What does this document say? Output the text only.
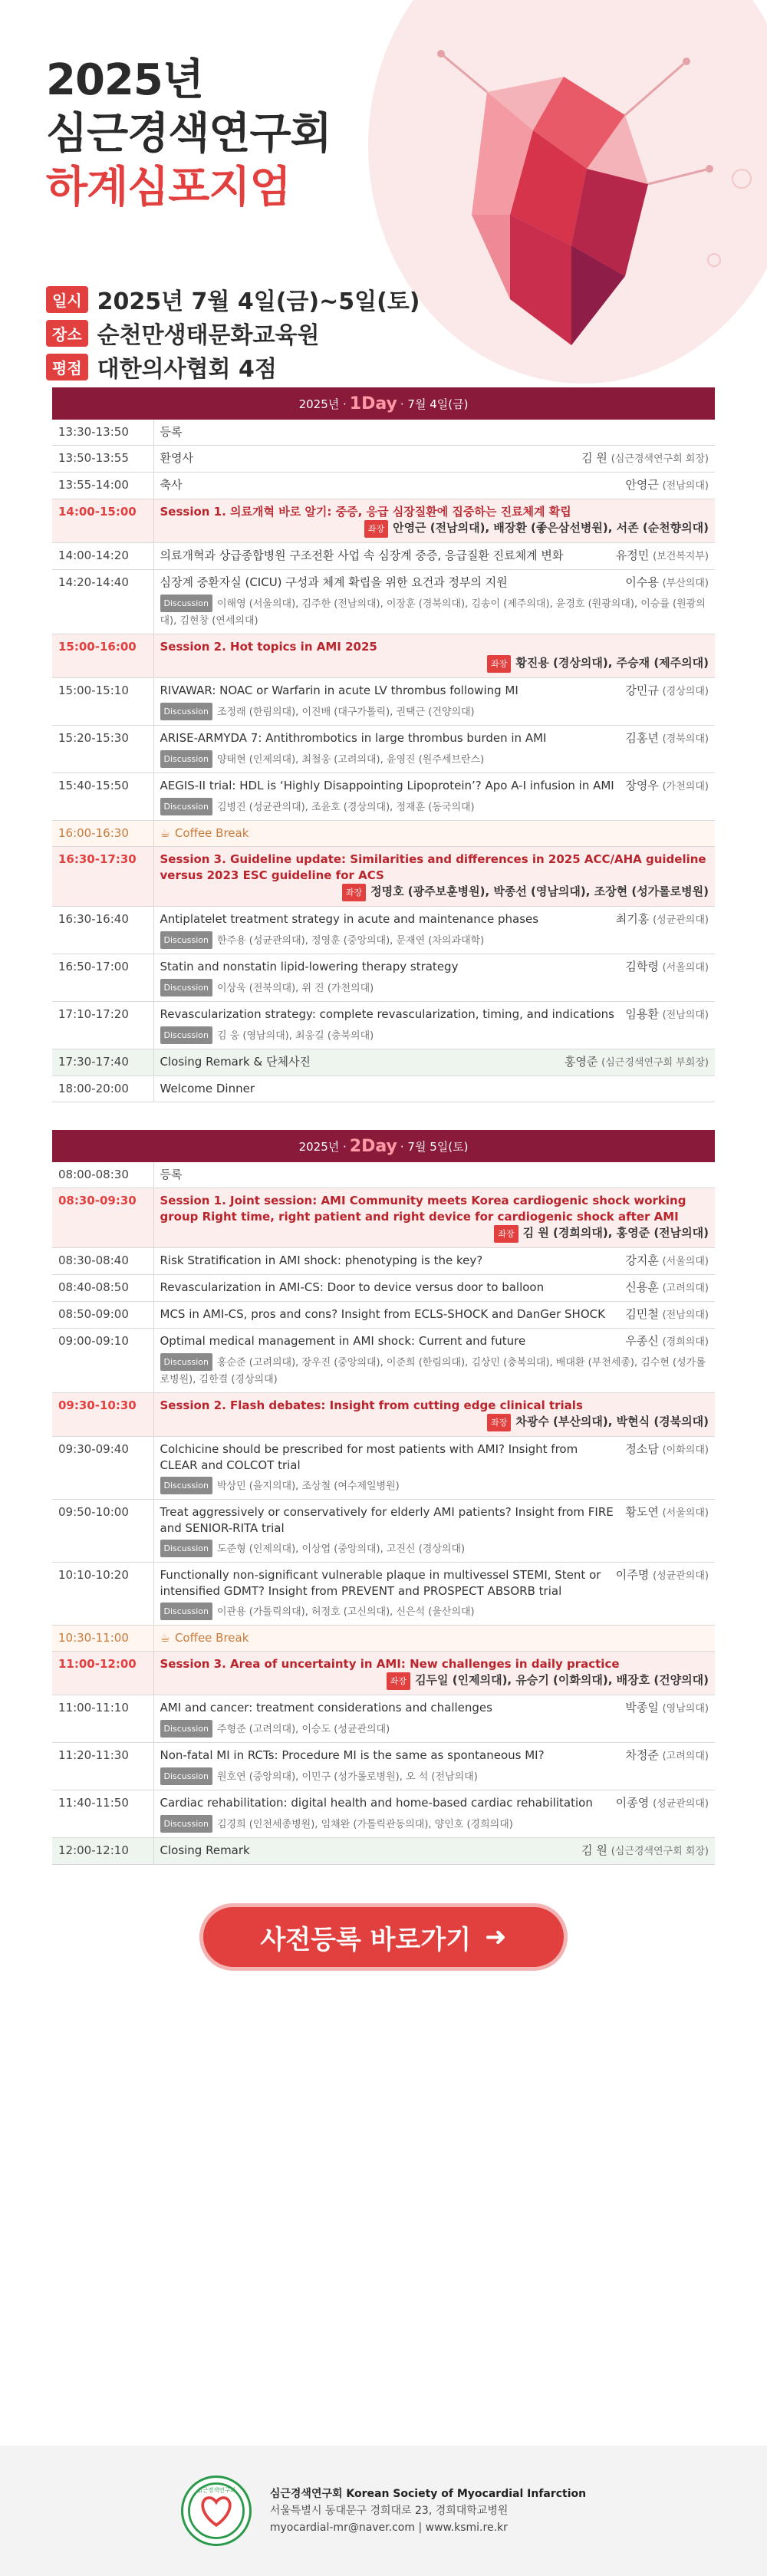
2025년
심근경색연구회
하계심포지엄
일시 2025년 7월 4일(금)~5일(토)
장소 순천만생태문화교육원
평점 대한의사협회 4점
2025년 · 1Day · 7월 4일(금)
13:30-13:50	등록

13:50-13:55	환영사 김 원 (심근경색연구회 회장)

13:55-14:00	축사 안영근 (전남의대)

14:00-15:00	Session 1. 의료개혁 바로 알기: 중증, 응급 심장질환에 집중하는 진료체계 확립
좌장 안영근 (전남의대), 배장환 (좋은삼선병원), 서존 (순천향의대)

14:00-14:20	의료개혁과 상급종합병원 구조전환 사업 속 심장계 중증, 응급질환 진료체계 변화 유정민 (보건복지부)

14:20-14:40	심장계 중환자실 (CICU) 구성과 체계 확립을 위한 요건과 정부의 지원 이수용 (부산의대)
Discussion 이해영 (서울의대), 김주한 (전남의대), 이장훈 (경북의대), 김송이 (제주의대), 윤경호 (원광의대), 이승률 (원광의대), 김현창 (연세의대)

15:00-16:00	Session 2. Hot topics in AMI 2025
좌장 황진용 (경상의대), 주승재 (제주의대)

15:00-15:10	RIVAWAR: NOAC or Warfarin in acute LV thrombus following MI 강민규 (경상의대)
Discussion 조정래 (한림의대), 이진배 (대구가톨릭), 권택근 (건양의대)

15:20-15:30	ARISE-ARMYDA 7: Antithrombotics in large thrombus burden in AMI 김홍년 (경북의대)
Discussion 양태현 (인제의대), 최철웅 (고려의대), 윤영진 (원주세브란스)

15:40-15:50	AEGIS-II trial: HDL is ‘Highly Disappointing Lipoprotein’? Apo A-I infusion in AMI 장영우 (가천의대)
Discussion 김병진 (성균관의대), 조윤호 (경상의대), 정재훈 (동국의대)

16:00-16:30	☕ Coffee Break

16:30-17:30	Session 3. Guideline update: Similarities and differences in 2025 ACC/AHA guideline versus 2023 ESC guideline for ACS
좌장 정명호 (광주보훈병원), 박종선 (영남의대), 조장현 (성가롤로병원)

16:30-16:40	Antiplatelet treatment strategy in acute and maintenance phases 최기홍 (성균관의대)
Discussion 한주용 (성균관의대), 정영훈 (중앙의대), 문재연 (차의과대학)

16:50-17:00	Statin and nonstatin lipid-lowering therapy strategy 김학령 (서울의대)
Discussion 이상욱 (전북의대), 위 진 (가천의대)

17:10-17:20	Revascularization strategy: complete revascularization, timing, and indications 임용환 (전남의대)
Discussion 김 웅 (영남의대), 최웅길 (충북의대)

17:30-17:40	Closing Remark & 단체사진 홍영준 (심근경색연구회 부회장)

18:00-20:00	Welcome Dinner
2025년 · 2Day · 7월 5일(토)
08:00-08:30	등록

08:30-09:30	Session 1. Joint session: AMI Community meets Korea cardiogenic shock working group Right time, right patient and right device for cardiogenic shock after AMI
좌장 김 원 (경희의대), 홍영준 (전남의대)

08:30-08:40	Risk Stratification in AMI shock: phenotyping is the key? 강지훈 (서울의대)

08:40-08:50	Revascularization in AMI-CS: Door to device versus door to balloon 신용훈 (고려의대)

08:50-09:00	MCS in AMI-CS, pros and cons? Insight from ECLS-SHOCK and DanGer SHOCK 김민철 (전남의대)

09:00-09:10	Optimal medical management in AMI shock: Current and future 우종신 (경희의대)
Discussion 홍순준 (고려의대), 장우진 (중앙의대), 이준희 (한림의대), 김상민 (충북의대), 배대환 (부천세종), 김수현 (성가롤로병원), 김한결 (경상의대)

09:30-10:30	Session 2. Flash debates: Insight from cutting edge clinical trials
좌장 차광수 (부산의대), 박현식 (경북의대)

09:30-09:40	Colchicine should be prescribed for most patients with AMI? Insight from CLEAR and COLCOT trial
정소담 (이화의대)
Discussion 박상민 (을지의대), 조상철 (여수제일병원)

09:50-10:00	Treat aggressively or conservatively for elderly AMI patients? Insight from FIRE and SENIOR-RITA trial
황도연 (서울의대)
Discussion 도준형 (인제의대), 이상엽 (중앙의대), 고진신 (경상의대)

10:10-10:20	Functionally non-significant vulnerable plaque in multivessel STEMI, Stent or intensified GDMT? Insight from PREVENT and PROSPECT ABSORB trial
이주명 (성균관의대)
Discussion 이관용 (가톨릭의대), 허정호 (고신의대), 신은석 (울산의대)

10:30-11:00	☕ Coffee Break

11:00-12:00	Session 3. Area of uncertainty in AMI: New challenges in daily practice
좌장 김두일 (인제의대), 유승기 (이화의대), 배장호 (건양의대)

11:00-11:10	AMI and cancer: treatment considerations and challenges 박종일 (영남의대)
Discussion 주형준 (고려의대), 이승도 (성균관의대)

11:20-11:30	Non-fatal MI in RCTs: Procedure MI is the same as spontaneous MI? 차정준 (고려의대)
Discussion 원호연 (중앙의대), 이민구 (성가롤로병원), 오 석 (전남의대)

11:40-11:50	Cardiac rehabilitation: digital health and home-based cardiac rehabilitation 이종영 (성균관의대)
Discussion 김경희 (인천세종병원), 임채완 (가톨릭관동의대), 양인호 (경희의대)

12:00-12:10	Closing Remark 김 원 (심근경색연구회 회장)
사전등록 바로가기 ➜
심근경색연구회	심근경색연구회 Korean Society of Myocardial Infarction
서울특별시 동대문구 경희대로 23, 경희대학교병원
myocardial-mr@naver.com | www.ksmi.re.kr
